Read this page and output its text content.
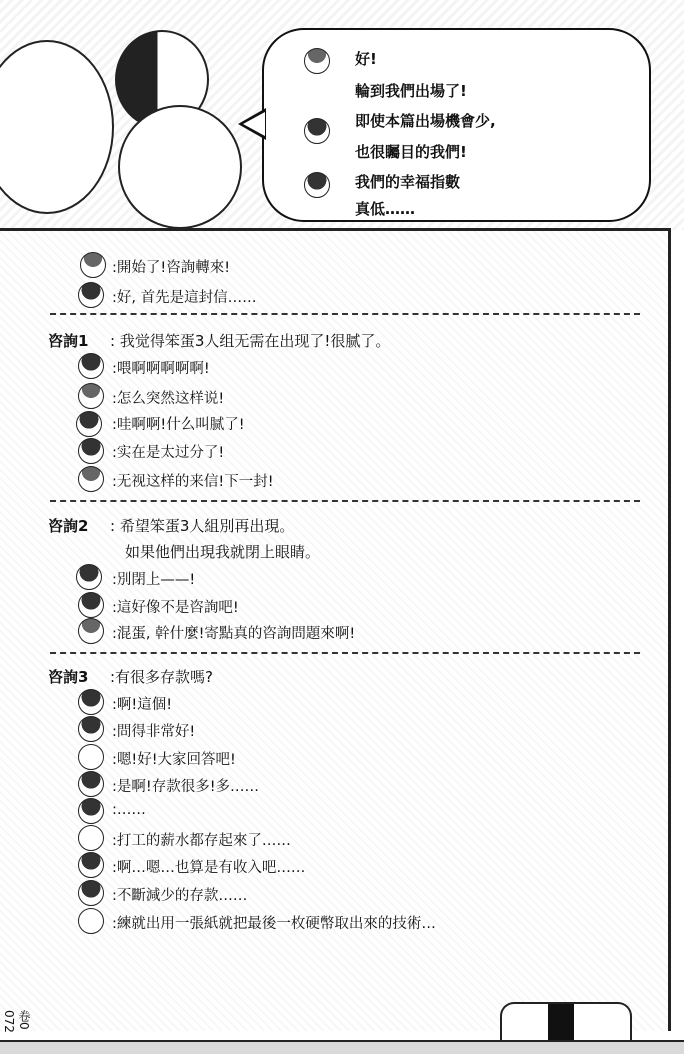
好!
輪到我們出場了!
即使本篇出場機會少,
也很矚目的我們!
我們的幸福指數
真低……
:開始了!咨詢轉來!
:好, 首先是這封信……
咨詢1 : 我觉得笨蛋3人组无需在出现了!很腻了。
:喂啊啊啊啊啊!
:怎么突然这样说!
:哇啊啊!什么叫腻了!
:实在是太过分了!
:无视这样的来信!下一封!
咨詢2 : 希望笨蛋3人組別再出現。
如果他們出現我就閉上眼睛。
:別閉上——!
:這好像不是咨詢吧!
:混蛋, 幹什麼!寄點真的咨詢問題來啊!
咨詢3 :有很多存款嗎?
:啊!這個!
:問得非常好!
:嗯!好!大家回答吧!
:是啊!存款很多!多……
:……
:打工的薪水都存起來了……
:啊…嗯…也算是有收入吧……
:不斷減少的存款……
:練就出用一張紙就把最後一枚硬幣取出來的技術…
卷0 072
